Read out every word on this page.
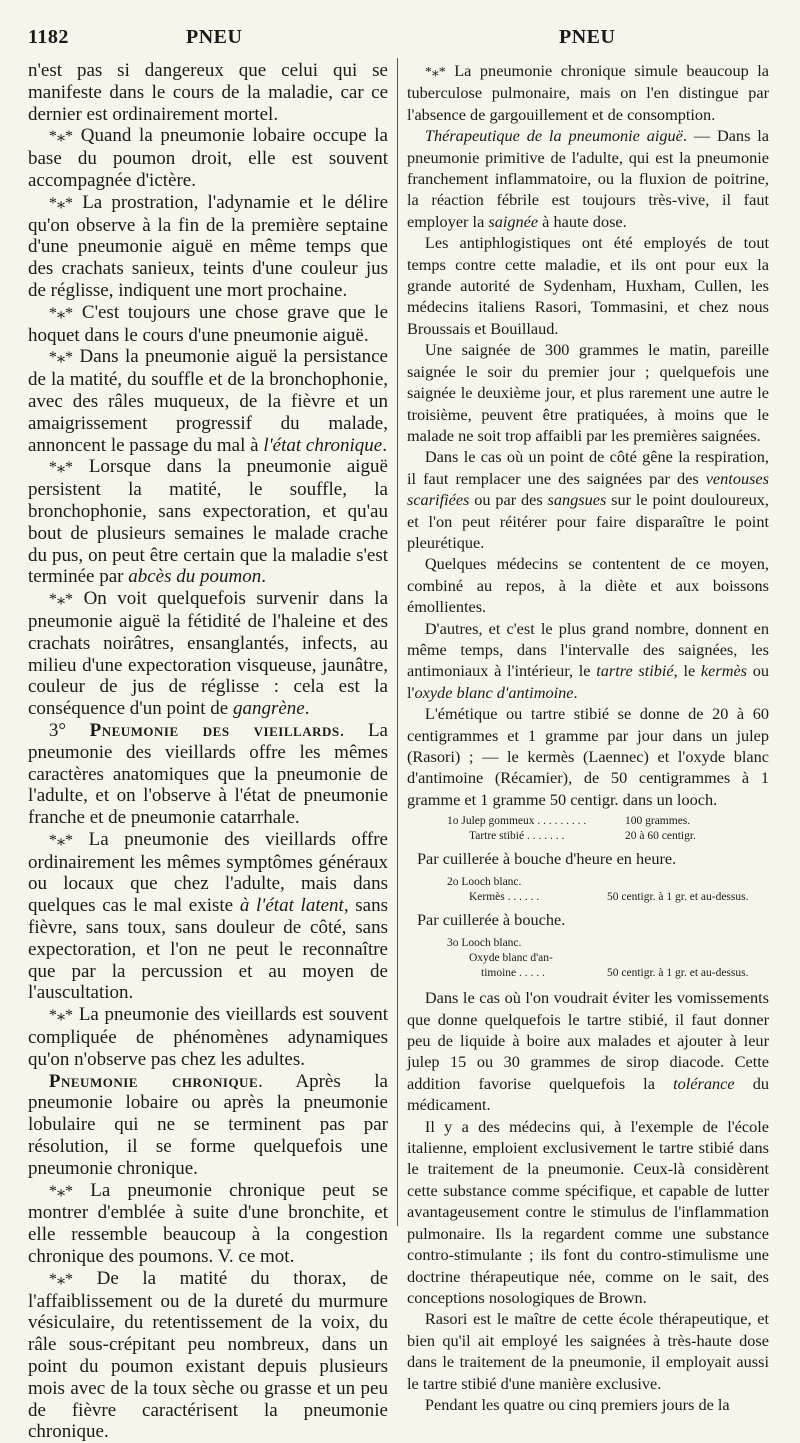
1182	PNEU	PNEU

n'est pas si dangereux que celui qui se manifeste dans le cours de la maladie, car ce dernier est ordinairement mortel.

*⁎* Quand la pneumonie lobaire occupe la base du poumon droit, elle est souvent accompagnée d'ictère.

*⁎* La prostration, l'adynamie et le délire qu'on observe à la fin de la première septaine d'une pneumonie aiguë en même temps que des crachats sanieux, teints d'une couleur jus de réglisse, indiquent une mort prochaine.

*⁎* C'est toujours une chose grave que le hoquet dans le cours d'une pneumonie aiguë.

*⁎* Dans la pneumonie aiguë la persistance de la matité, du souffle et de la bronchophonie, avec des râles muqueux, de la fièvre et un amaigrissement progressif du malade, annoncent le passage du mal à l'état chronique.

*⁎* Lorsque dans la pneumonie aiguë persistent la matité, le souffle, la bronchophonie, sans expectoration, et qu'au bout de plusieurs semaines le malade crache du pus, on peut être certain que la maladie s'est terminée par abcès du poumon.

*⁎* On voit quelquefois survenir dans la pneumonie aiguë la fétidité de l'haleine et des crachats noirâtres, ensanglantés, infects, au milieu d'une expectoration visqueuse, jaunâtre, couleur de jus de réglisse : cela est la conséquence d'un point de gangrène.

3° Pneumonie des vieillards. La pneumonie des vieillards offre les mêmes caractères anatomiques que la pneumonie de l'adulte, et on l'observe à l'état de pneumonie franche et de pneumonie catarrhale.

*⁎* La pneumonie des vieillards offre ordinairement les mêmes symptômes généraux ou locaux que chez l'adulte, mais dans quelques cas le mal existe à l'état latent, sans fièvre, sans toux, sans douleur de côté, sans expectoration, et l'on ne peut le reconnaître que par la percussion et au moyen de l'auscultation.

*⁎* La pneumonie des vieillards est souvent compliquée de phénomènes adynamiques qu'on n'observe pas chez les adultes.

Pneumonie chronique. Après la pneumonie lobaire ou après la pneumonie lobulaire qui ne se terminent pas par résolution, il se forme quelquefois une pneumonie chronique.

*⁎* La pneumonie chronique peut se montrer d'emblée à suite d'une bronchite, et elle ressemble beaucoup à la congestion chronique des poumons. V. ce mot.

*⁎* De la matité du thorax, de l'affaiblissement ou de la dureté du murmure vésiculaire, du retentissement de la voix, du râle sous-crépitant peu nombreux, dans un point du poumon existant depuis plusieurs mois avec de la toux sèche ou grasse et un peu de fièvre caractérisent la pneumonie chronique.

*⁎* La pneumonie chronique simule beaucoup la tuberculose pulmonaire, mais on l'en distingue par l'absence de gargouillement et de consomption.

Thérapeutique de la pneumonie aiguë. — Dans la pneumonie primitive de l'adulte, qui est la pneumonie franchement inflammatoire, ou la fluxion de poitrine, la réaction fébrile est toujours très-vive, il faut employer la saignée à haute dose.

Les antiphlogistiques ont été employés de tout temps contre cette maladie, et ils ont pour eux la grande autorité de Sydenham, Huxham, Cullen, les médecins italiens Rasori, Tommasini, et chez nous Broussais et Bouillaud.

Une saignée de 300 grammes le matin, pareille saignée le soir du premier jour ; quelquefois une saignée le deuxième jour, et plus rarement une autre le troisième, peuvent être pratiquées, à moins que le malade ne soit trop affaibli par les premières saignées.

Dans le cas où un point de côté gêne la respiration, il faut remplacer une des saignées par des ventouses scarifiées ou par des sangsues sur le point douloureux, et l'on peut réitérer pour faire disparaître le point pleurétique.

Quelques médecins se contentent de ce moyen, combiné au repos, à la diète et aux boissons émollientes.

D'autres, et c'est le plus grand nombre, donnent en même temps, dans l'intervalle des saignées, les antimoniaux à l'intérieur, le tartre stibié, le kermès ou l'oxyde blanc d'antimoine.

L'émétique ou tartre stibié se donne de 20 à 60 centigrammes et 1 gramme par jour dans un julep (Rasori) ; — le kermès (Laennec) et l'oxyde blanc d'antimoine (Récamier), de 50 centigrammes à 1 gramme et 1 gramme 50 centigr. dans un looch.

1o Julep gommeux . . . . . . . . .	100 grammes.
Tartre stibié . . . . . . .	20 à 60 centigr.
Par cuillerée à bouche d'heure en heure.
2o Looch blanc.
Kermès . . . . . .	50 centigr. à 1 gr. et au-dessus.
Par cuillerée à bouche.
3o Looch blanc.
Oxyde blanc d'an-
timoine . . . . .	50 centigr. à 1 gr. et au-dessus.

Dans le cas où l'on voudrait éviter les vomissements que donne quelquefois le tartre stibié, il faut donner peu de liquide à boire aux malades et ajouter à leur julep 15 ou 30 grammes de sirop diacode. Cette addition favorise quelquefois la tolérance du médicament.

Il y a des médecins qui, à l'exemple de l'école italienne, emploient exclusivement le tartre stibié dans le traitement de la pneumonie. Ceux-là considèrent cette substance comme spécifique, et capable de lutter avantageusement contre le stimulus de l'inflammation pulmonaire. Ils la regardent comme une substance contro-stimulante ; ils font du contro-stimulisme une doctrine thérapeutique née, comme on le sait, des conceptions nosologiques de Brown.

Rasori est le maître de cette école thérapeutique, et bien qu'il ait employé les saignées à très-haute dose dans le traitement de la pneumonie, il employait aussi le tartre stibié d'une manière exclusive.

Pendant les quatre ou cinq premiers jours de la
